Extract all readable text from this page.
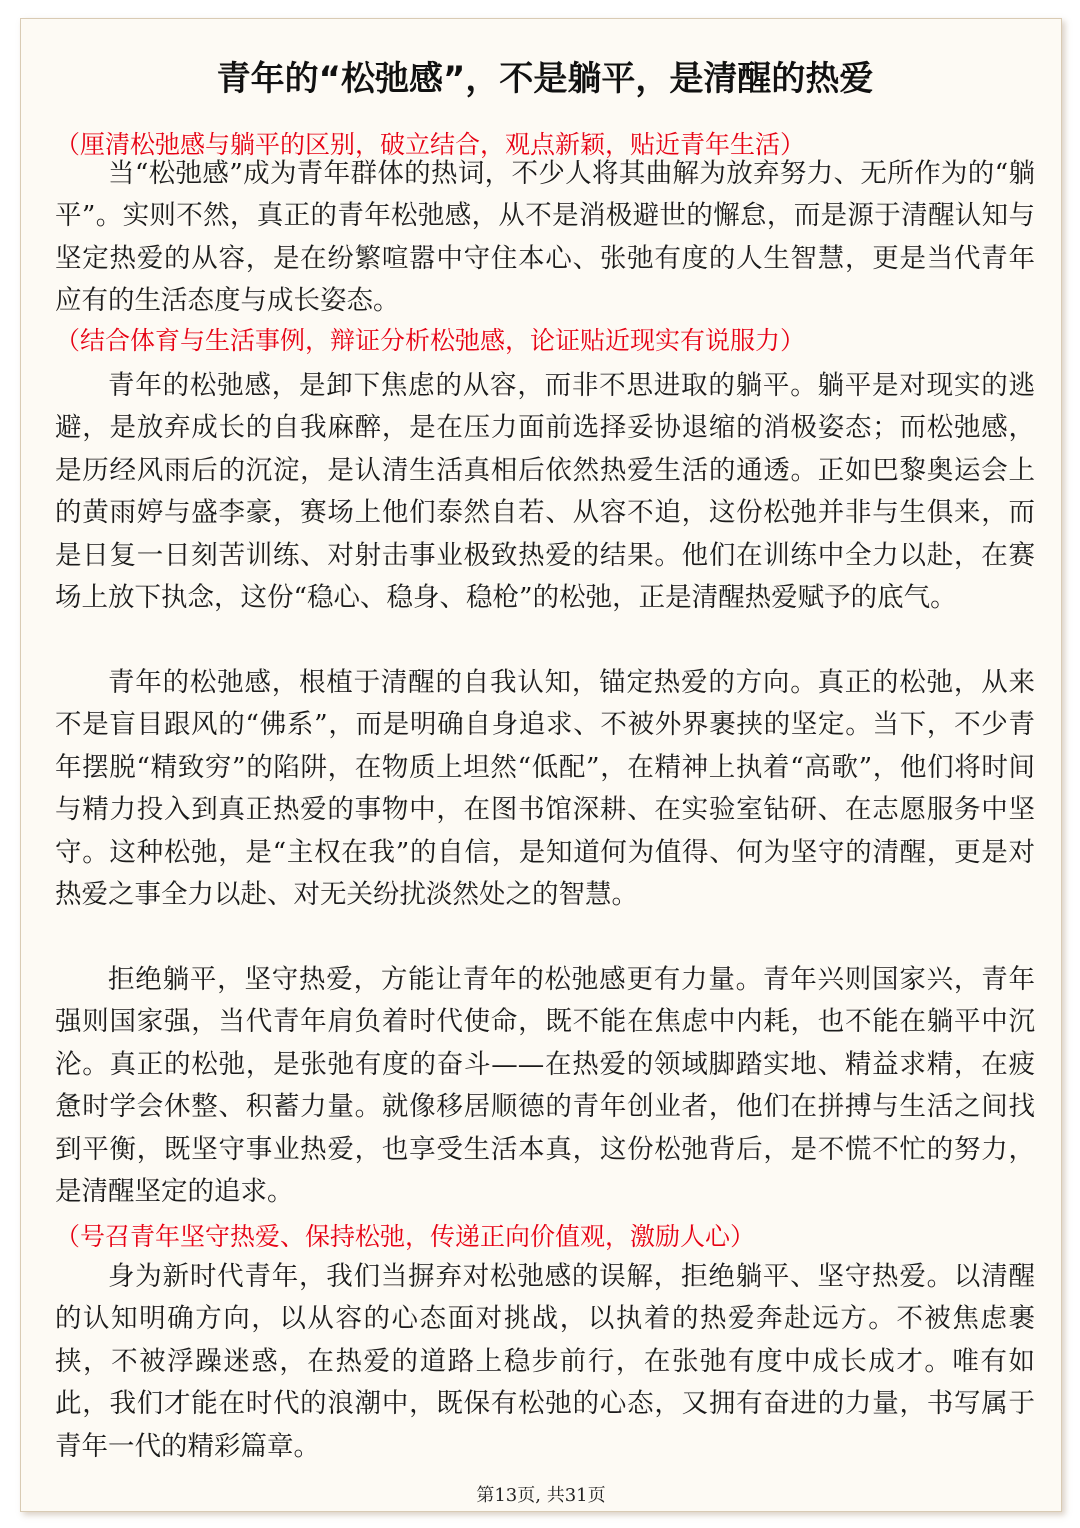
青年的“松弛感”，不是躺平，是清醒的热爱
（厘清松弛感与躺平的区别，破立结合，观点新颖，贴近青年生活）

当“松弛感”成为青年群体的热词，不少人将其曲解为放弃努力、无所作为的“躺平”。实则不然，真正的青年松弛感，从不是消极避世的懈怠，而是源于清醒认知与坚定热爱的从容，是在纷繁喧嚣中守住本心、张弛有度的人生智慧，更是当代青年应有的生活态度与成长姿态。

（结合体育与生活事例，辩证分析松弛感，论证贴近现实有说服力）

青年的松弛感，是卸下焦虑的从容，而非不思进取的躺平。躺平是对现实的逃避，是放弃成长的自我麻醉，是在压力面前选择妥协退缩的消极姿态；而松弛感，是历经风雨后的沉淀，是认清生活真相后依然热爱生活的通透。正如巴黎奥运会上的黄雨婷与盛李豪，赛场上他们泰然自若、从容不迫，这份松弛并非与生俱来，而是日复一日刻苦训练、对射击事业极致热爱的结果。他们在训练中全力以赴，在赛场上放下执念，这份“稳心、稳身、稳枪”的松弛，正是清醒热爱赋予的底气。

青年的松弛感，根植于清醒的自我认知，锚定热爱的方向。真正的松弛，从来不是盲目跟风的“佛系”，而是明确自身追求、不被外界裹挟的坚定。当下，不少青年摆脱“精致穷”的陷阱，在物质上坦然“低配”，在精神上执着“高歌”，他们将时间与精力投入到真正热爱的事物中，在图书馆深耕、在实验室钻研、在志愿服务中坚守。这种松弛，是“主权在我”的自信，是知道何为值得、何为坚守的清醒，更是对热爱之事全力以赴、对无关纷扰淡然处之的智慧。

拒绝躺平，坚守热爱，方能让青年的松弛感更有力量。青年兴则国家兴，青年强则国家强，当代青年肩负着时代使命，既不能在焦虑中内耗，也不能在躺平中沉沦。真正的松弛，是张弛有度的奋斗——在热爱的领域脚踏实地、精益求精，在疲惫时学会休整、积蓄力量。就像移居顺德的青年创业者，他们在拼搏与生活之间找到平衡，既坚守事业热爱，也享受生活本真，这份松弛背后，是不慌不忙的努力，是清醒坚定的追求。

（号召青年坚守热爱、保持松弛，传递正向价值观，激励人心）

身为新时代青年，我们当摒弃对松弛感的误解，拒绝躺平、坚守热爱。以清醒的认知明确方向，以从容的心态面对挑战，以执着的热爱奔赴远方。不被焦虑裹挟，不被浮躁迷惑，在热爱的道路上稳步前行，在张弛有度中成长成才。唯有如此，我们才能在时代的浪潮中，既保有松弛的心态，又拥有奋进的力量，书写属于青年一代的精彩篇章。

第13页, 共31页
